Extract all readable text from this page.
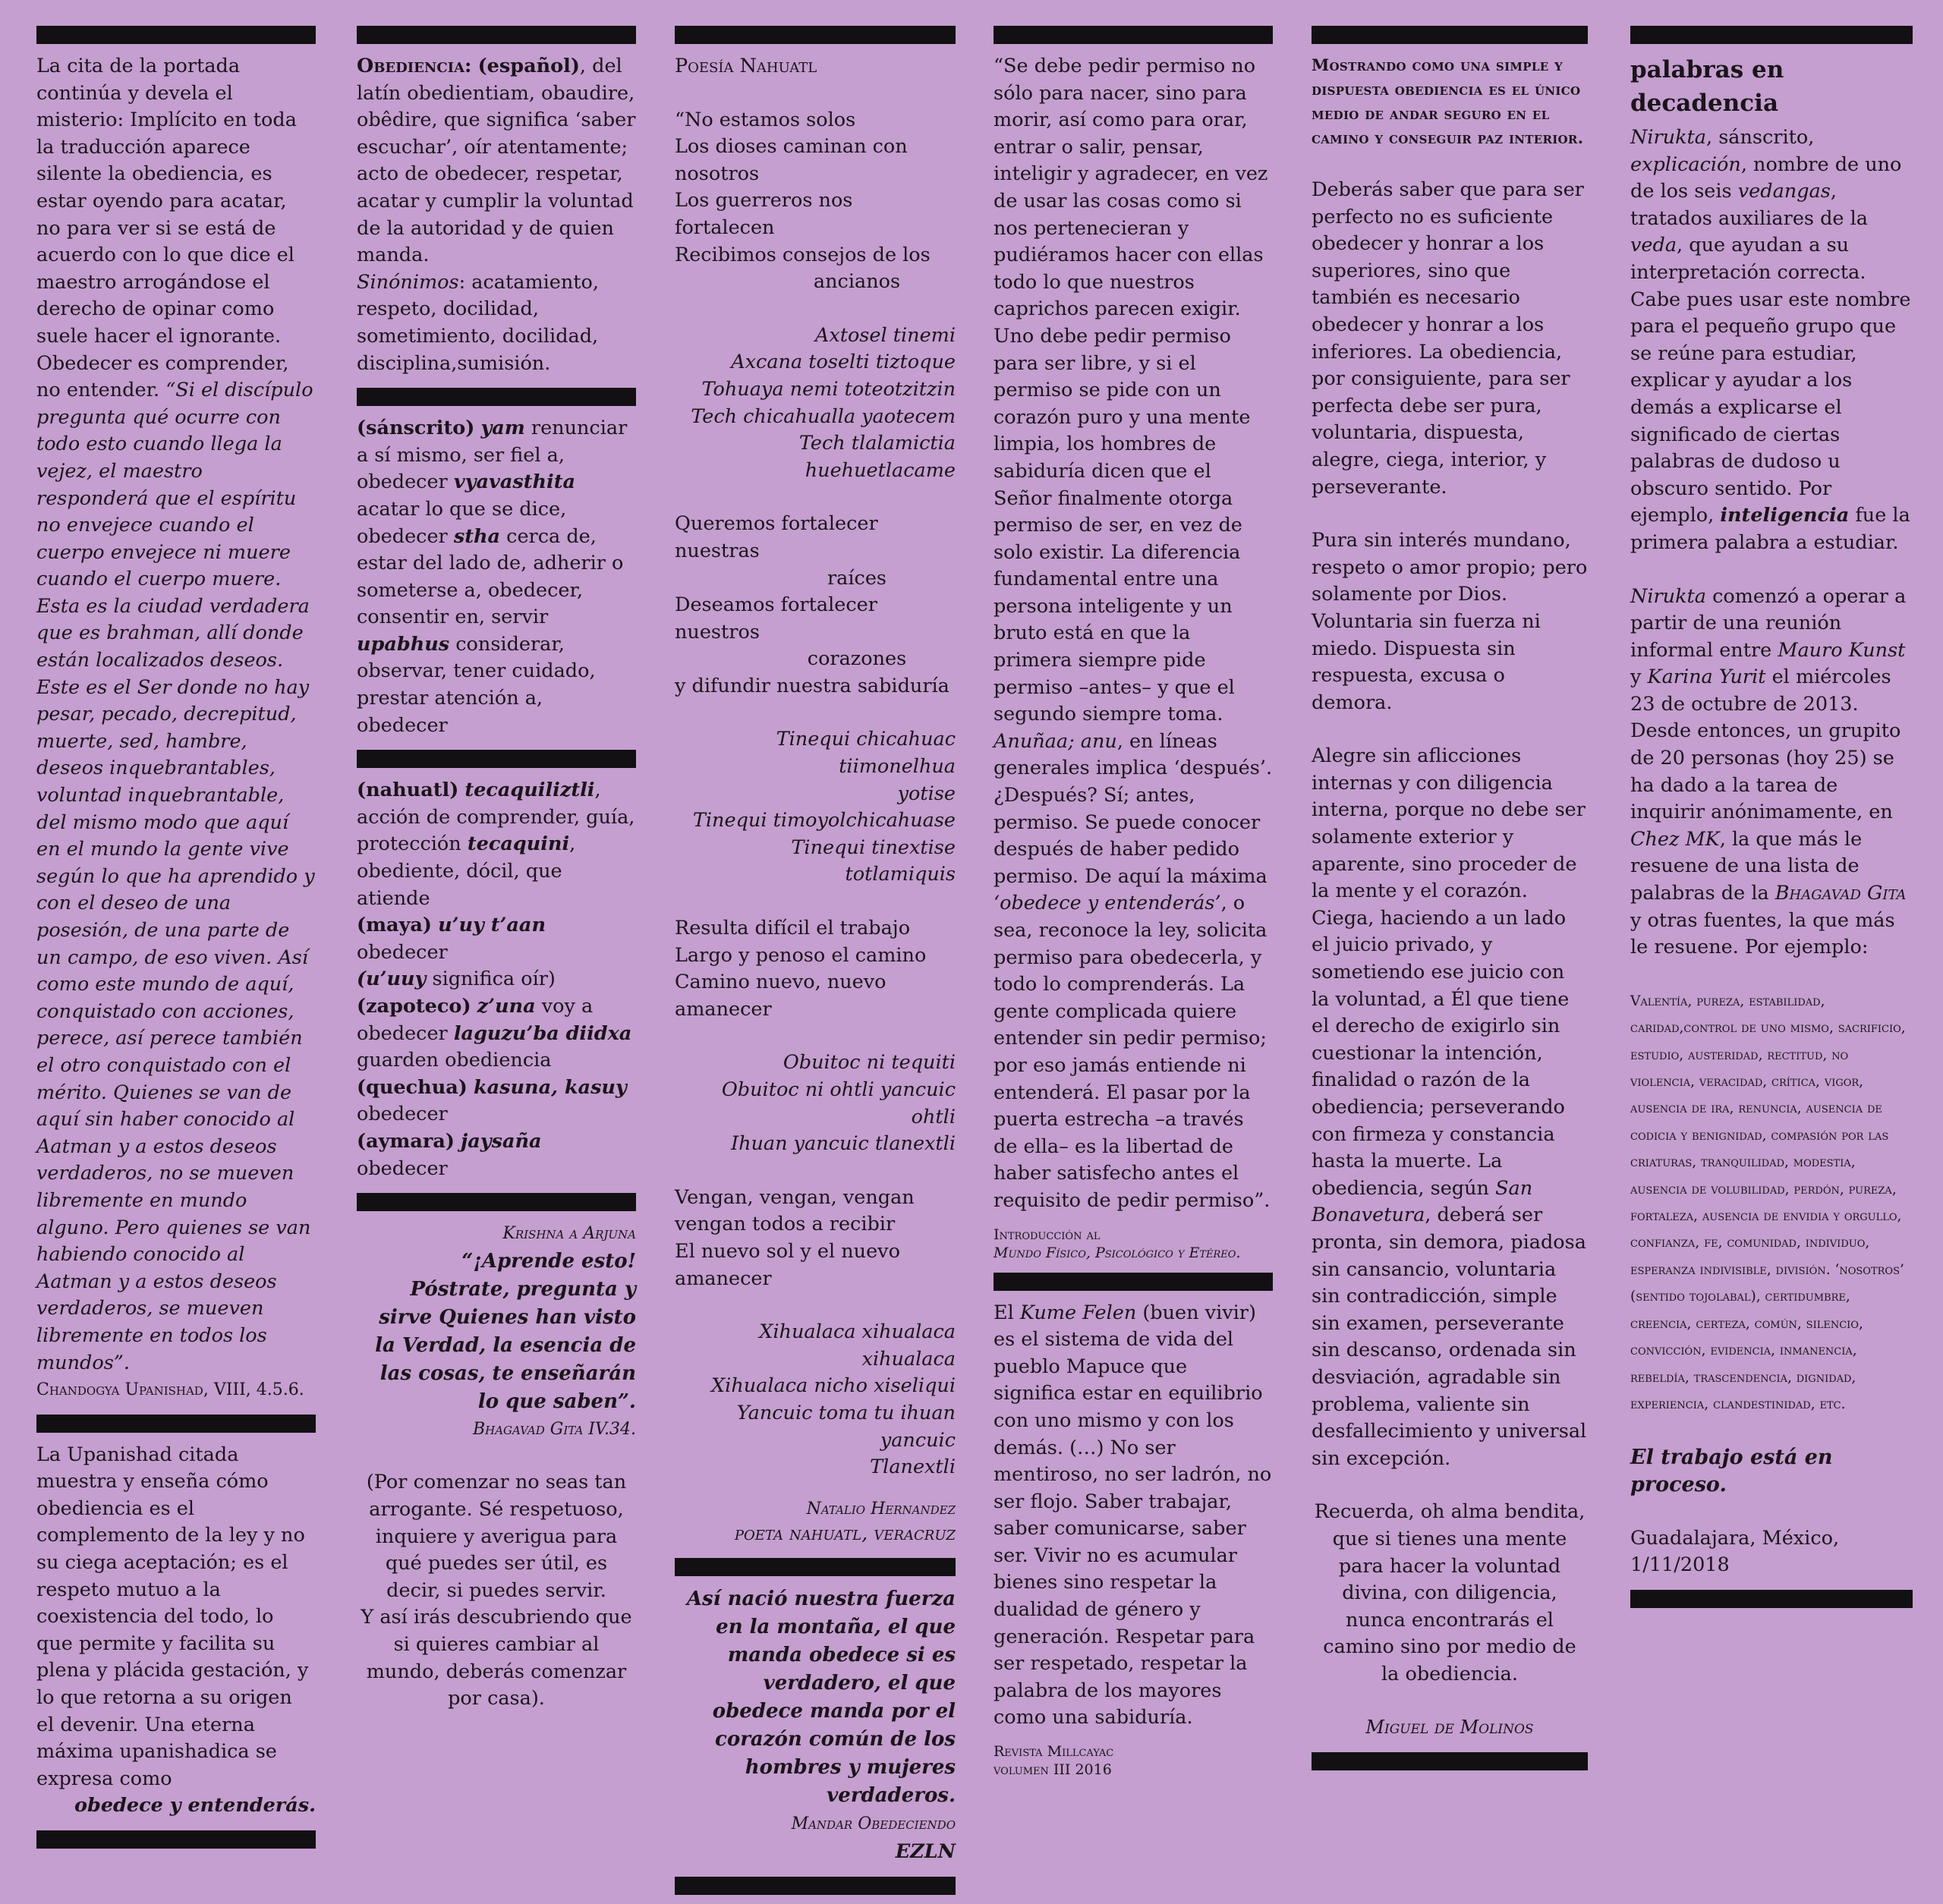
La cita de la portada continúa y devela el misterio: Implícito en toda la traducción aparece silente la obediencia, es estar oyendo para acatar, no para ver si se está de acuerdo con lo que dice el maestro arrogándose el derecho de opinar como suele hacer el ignorante. Obedecer es comprender, no entender. “Si el discípulo pregunta qué ocurre con todo esto cuando llega la vejez, el maestro responderá que el espíritu no envejece cuando el cuerpo envejece ni muere cuando el cuerpo muere. Esta es la ciudad verdadera que es brahman, allí donde están localizados deseos. Este es el Ser donde no hay pesar, pecado, decrepitud, muerte, sed, hambre, deseos inquebrantables, voluntad inquebrantable, del mismo modo que aquí en el mundo la gente vive según lo que ha aprendido y con el deseo de una posesión, de una parte de un campo, de eso viven. Así como este mundo de aquí, conquistado con acciones, perece, así perece también el otro conquistado con el mérito. Quienes se van de aquí sin haber conocido al Aatman y a estos deseos verdaderos, no se mueven libremente en mundo alguno. Pero quienes se van habiendo conocido al Aatman y a estos deseos verdaderos, se mueven libremente en todos los mundos”.

Chandogya Upanishad, VIII, 4.5.6.

La Upanishad citada muestra y enseña cómo obediencia es el complemento de la ley y no su ciega aceptación; es el respeto mutuo a la coexistencia del todo, lo que permite y facilita su plena y plácida gestación, y lo que retorna a su origen el devenir. Una eterna máxima upanishadica se expresa como

obedece y entenderás.

Obediencia: (español), del latín obedientiam, obaudire, obêdire, que significa ‘saber escuchar’, oír atentamente; acto de obedecer, respetar, acatar y cumplir la voluntad de la autoridad y de quien manda.

Sinónimos: acatamiento, respeto, docilidad, sometimiento, docilidad, disciplina,sumisión.

(sánscrito) yam renunciar a sí mismo, ser fiel a, obedecer vyavasthita acatar lo que se dice, obedecer stha cerca de, estar del lado de, adherir o someterse a, obedecer, consentir en, servir upabhus considerar, observar, tener cuidado, prestar atención a, obedecer

(nahuatl) tecaquiliztli, acción de comprender, guía, protección tecaquini, obediente, dócil, que atiende

(maya) u’uy t’aan obedecer

(u’uuy significa oír)

(zapoteco) z’una voy a obedecer laguzu’ba diidxa guarden obediencia

(quechua) kasuna, kasuy obedecer

(aymara) jaysaña obedecer

Krishna a Arjuna

“¡Aprende esto! Póstrate, pregunta y sirve Quienes han visto la Verdad, la esencia de las cosas, te enseñarán lo que saben”.

Bhagavad Gita IV.34.

(Por comenzar no seas tan arrogante. Sé respetuoso, inquiere y averigua para qué puedes ser útil, es decir, si puedes servir.

Y así irás descubriendo que si quieres cambiar al mundo, deberás comenzar por casa).

Poesía Nahuatl

“No estamos solos

Los dioses caminan con nosotros

Los guerreros nos fortalecen

Recibimos consejos de los

ancianos

Axtosel tinemi

Axcana toselti tiztoque

Tohuaya nemi toteotzitzin

Tech chicahualla yaotecem

Tech tlalamictia huehuetlacame

Queremos fortalecer nuestras

raíces

Deseamos fortalecer nuestros

corazones

y difundir nuestra sabiduría

Tinequi chicahuac tiimonelhua

yotise

Tinequi timoyolchicahuase

Tinequi tinextise totlamiquis

Resulta difícil el trabajo

Largo y penoso el camino

Camino nuevo, nuevo amanecer

Obuitoc ni tequiti

Obuitoc ni ohtli yancuic ohtli

Ihuan yancuic tlanextli

Vengan, vengan, vengan

vengan todos a recibir

El nuevo sol y el nuevo amanecer

Xihualaca xihualaca xihualaca

Xihualaca nicho xiseliqui

Yancuic toma tu ihuan yancuic

Tlanextli

Natalio Hernandez

poeta nahuatl, veracruz

Así nació nuestra fuerza en la montaña, el que manda obedece si es verdadero, el que obedece manda por el corazón común de los hombres y mujeres verdaderos.

Mandar Obedeciendo

EZLN

“Se debe pedir permiso no sólo para nacer, sino para morir, así como para orar, entrar o salir, pensar, inteligir y agradecer, en vez de usar las cosas como si nos pertenecieran y pudiéramos hacer con ellas todo lo que nuestros caprichos parecen exigir. Uno debe pedir permiso para ser libre, y si el permiso se pide con un corazón puro y una mente limpia, los hombres de sabiduría dicen que el Señor finalmente otorga permiso de ser, en vez de solo existir. La diferencia fundamental entre una persona inteligente y un bruto está en que la primera siempre pide permiso –antes– y que el segundo siempre toma. Anuñaa; anu, en líneas generales implica ‘después’. ¿Después? Sí; antes, permiso. Se puede conocer después de haber pedido permiso. De aquí la máxima ‘obedece y entenderás’, o sea, reconoce la ley, solicita permiso para obedecerla, y todo lo comprenderás. La gente complicada quiere entender sin pedir permiso; por eso jamás entiende ni entenderá. El pasar por la puerta estrecha –a través de ella– es la libertad de haber satisfecho antes el requisito de pedir permiso”.

Introducción al

Mundo Físico, Psicológico y Etéreo.

El Kume Felen (buen vivir) es el sistema de vida del pueblo Mapuce que significa estar en equilibrio con uno mismo y con los demás. (…) No ser mentiroso, no ser ladrón, no ser flojo. Saber trabajar, saber comunicarse, saber ser. Vivir no es acumular bienes sino respetar la dualidad de género y generación. Respetar para ser respetado, respetar la palabra de los mayores como una sabiduría.

Revista Millcayac

volumen III 2016

Mostrando como una simple y dispuesta obediencia es el único medio de andar seguro en el camino y conseguir paz interior.

Deberás saber que para ser perfecto no es suficiente obedecer y honrar a los superiores, sino que también es necesario obedecer y honrar a los inferiores. La obediencia, por consiguiente, para ser perfecta debe ser pura, voluntaria, dispuesta, alegre, ciega, interior, y perseverante.

Pura sin interés mundano, respeto o amor propio; pero solamente por Dios. Voluntaria sin fuerza ni miedo. Dispuesta sin respuesta, excusa o demora.

Alegre sin aflicciones internas y con diligencia interna, porque no debe ser solamente exterior y aparente, sino proceder de la mente y el corazón. Ciega, haciendo a un lado el juicio privado, y sometiendo ese juicio con la voluntad, a Él que tiene el derecho de exigirlo sin cuestionar la intención, finalidad o razón de la obediencia; perseverando con firmeza y constancia hasta la muerte. La obediencia, según San Bonavetura, deberá ser pronta, sin demora, piadosa sin cansancio, voluntaria sin contradicción, simple sin examen, perseverante sin descanso, ordenada sin desviación, agradable sin problema, valiente sin desfallecimiento y universal sin excepción.

Recuerda, oh alma bendita, que si tienes una mente para hacer la voluntad divina, con diligencia, nunca encontrarás el camino sino por medio de la obediencia.

Miguel de Molinos

palabras en decadencia

Nirukta, sánscrito, explicación, nombre de uno de los seis vedangas, tratados auxiliares de la veda, que ayudan a su interpretación correcta. Cabe pues usar este nombre para el pequeño grupo que se reúne para estudiar, explicar y ayudar a los demás a explicarse el significado de ciertas palabras de dudoso u obscuro sentido. Por ejemplo, inteligencia fue la primera palabra a estudiar.

Nirukta comenzó a operar a partir de una reunión informal entre Mauro Kunst y Karina Yurit el miércoles 23 de octubre de 2013. Desde entonces, un grupito de 20 personas (hoy 25) se ha dado a la tarea de inquirir anónimamente, en Chez MK, la que más le resuene de una lista de palabras de la Bhagavad Gita y otras fuentes, la que más le resuene. Por ejemplo:

Valentía, pureza, estabilidad, caridad,control de uno mismo, sacrificio, estudio, austeridad, rectitud, no violencia, veracidad, crítica, vigor, ausencia de ira, renuncia, ausencia de codicia y benignidad, compasión por las criaturas, tranquilidad, modestia, ausencia de volubilidad, perdón, pureza, fortaleza, ausencia de envidia y orgullo, confianza, fe, comunidad, individuo, esperanza indivisible, división. ‘nosotros’ (sentido tojolabal), certidumbre, creencia, certeza, común, silencio, convicción, evidencia, inmanencia, rebeldía, trascendencia, dignidad, experiencia, clandestinidad, etc.

El trabajo está en proceso.

Guadalajara, México, 1/11/2018
